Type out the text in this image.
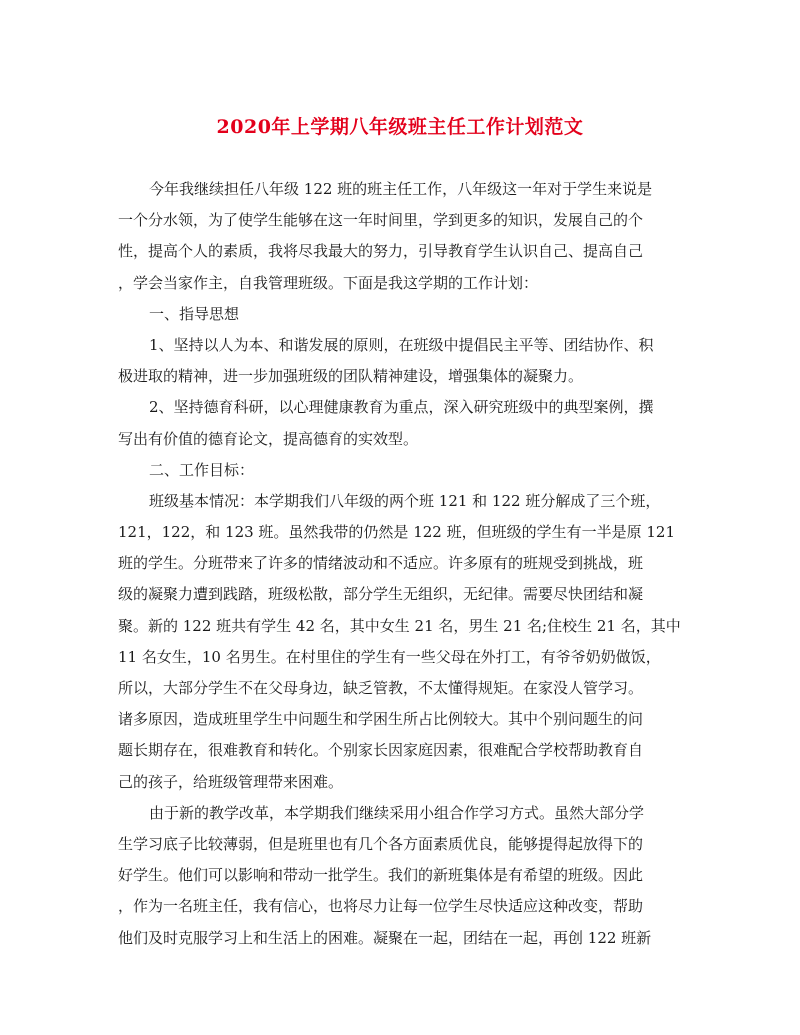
2020年上学期八年级班主任工作计划范文
今年我继续担任八年级 122 班的班主任工作，八年级这一年对于学生来说是
一个分水领，为了使学生能够在这一年时间里，学到更多的知识，发展自己的个
性，提高个人的素质，我将尽我最大的努力，引导教育学生认识自己、提高自己
，学会当家作主，自我管理班级。下面是我这学期的工作计划：
一、指导思想
1、坚持以人为本、和谐发展的原则，在班级中提倡民主平等、团结协作、积
极进取的精神，进一步加强班级的团队精神建设，增强集体的凝聚力。
2、坚持德育科研，以心理健康教育为重点，深入研究班级中的典型案例，撰
写出有价值的德育论文，提高德育的实效型。
二、工作目标：
班级基本情况：本学期我们八年级的两个班 121 和 122 班分解成了三个班，
121，122，和 123 班。虽然我带的仍然是 122 班，但班级的学生有一半是原 121
班的学生。分班带来了许多的情绪波动和不适应。许多原有的班规受到挑战，班
级的凝聚力遭到践踏，班级松散，部分学生无组织，无纪律。需要尽快团结和凝
聚。新的 122 班共有学生 42 名，其中女生 21 名，男生 21 名;住校生 21 名，其中
11 名女生，10 名男生。在村里住的学生有一些父母在外打工，有爷爷奶奶做饭，
所以，大部分学生不在父母身边，缺乏管教，不太懂得规矩。在家没人管学习。
诸多原因，造成班里学生中问题生和学困生所占比例较大。其中个别问题生的问
题长期存在，很难教育和转化。个别家长因家庭因素，很难配合学校帮助教育自
己的孩子，给班级管理带来困难。
由于新的教学改革，本学期我们继续采用小组合作学习方式。虽然大部分学
生学习底子比较薄弱，但是班里也有几个各方面素质优良，能够提得起放得下的
好学生。他们可以影响和带动一批学生。我们的新班集体是有希望的班级。因此
，作为一名班主任，我有信心，也将尽力让每一位学生尽快适应这种改变，帮助
他们及时克服学习上和生活上的困难。凝聚在一起，团结在一起，再创 122 班新
